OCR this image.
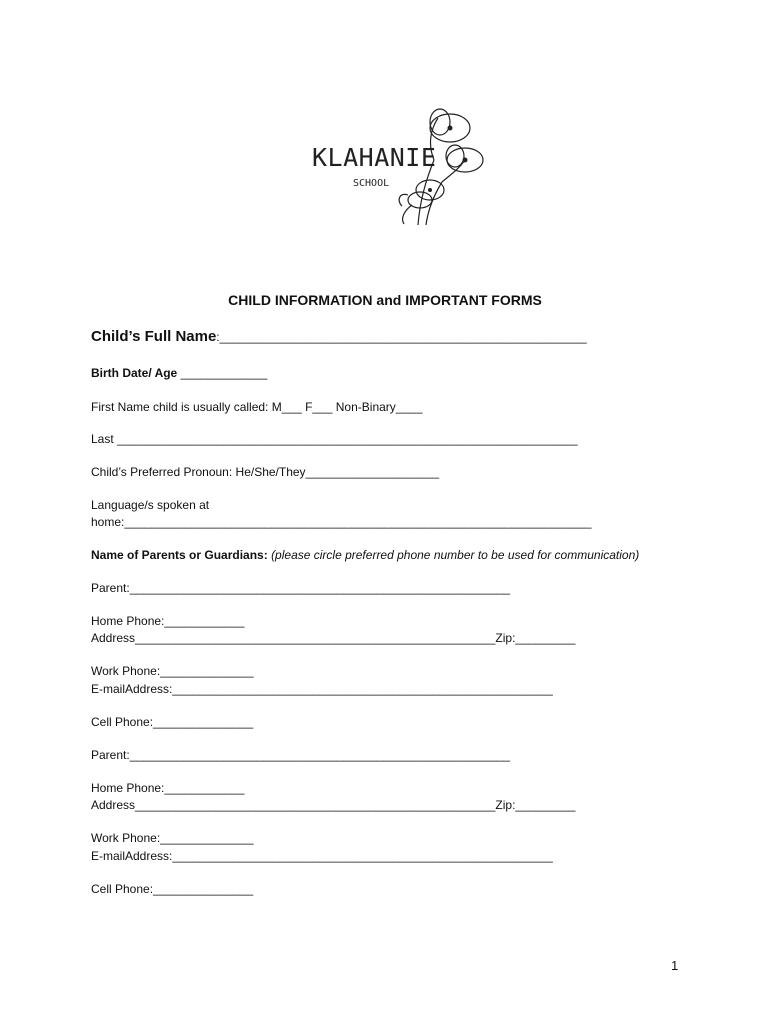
KLAHANIE
SCHOOL
CHILD INFORMATION and IMPORTANT FORMS
Child’s Full Name:_______________________________________________________
Birth Date/ Age _____________
First Name child is usually called: M___ F___ Non-Binary____
Last _____________________________________________________________________
Child’s Preferred Pronoun: He/She/They____________________
Language/s spoken at
home:______________________________________________________________________
Name of Parents or Guardians: (please circle preferred phone number to be used for communication)
Parent:_________________________________________________________
Home Phone:____________
Address______________________________________________________Zip:_________
Work Phone:______________
E-mailAddress:_________________________________________________________
Cell Phone:_______________
Parent:_________________________________________________________
Home Phone:____________
Address______________________________________________________Zip:_________
Work Phone:______________
E-mailAddress:_________________________________________________________
Cell Phone:_______________
1
